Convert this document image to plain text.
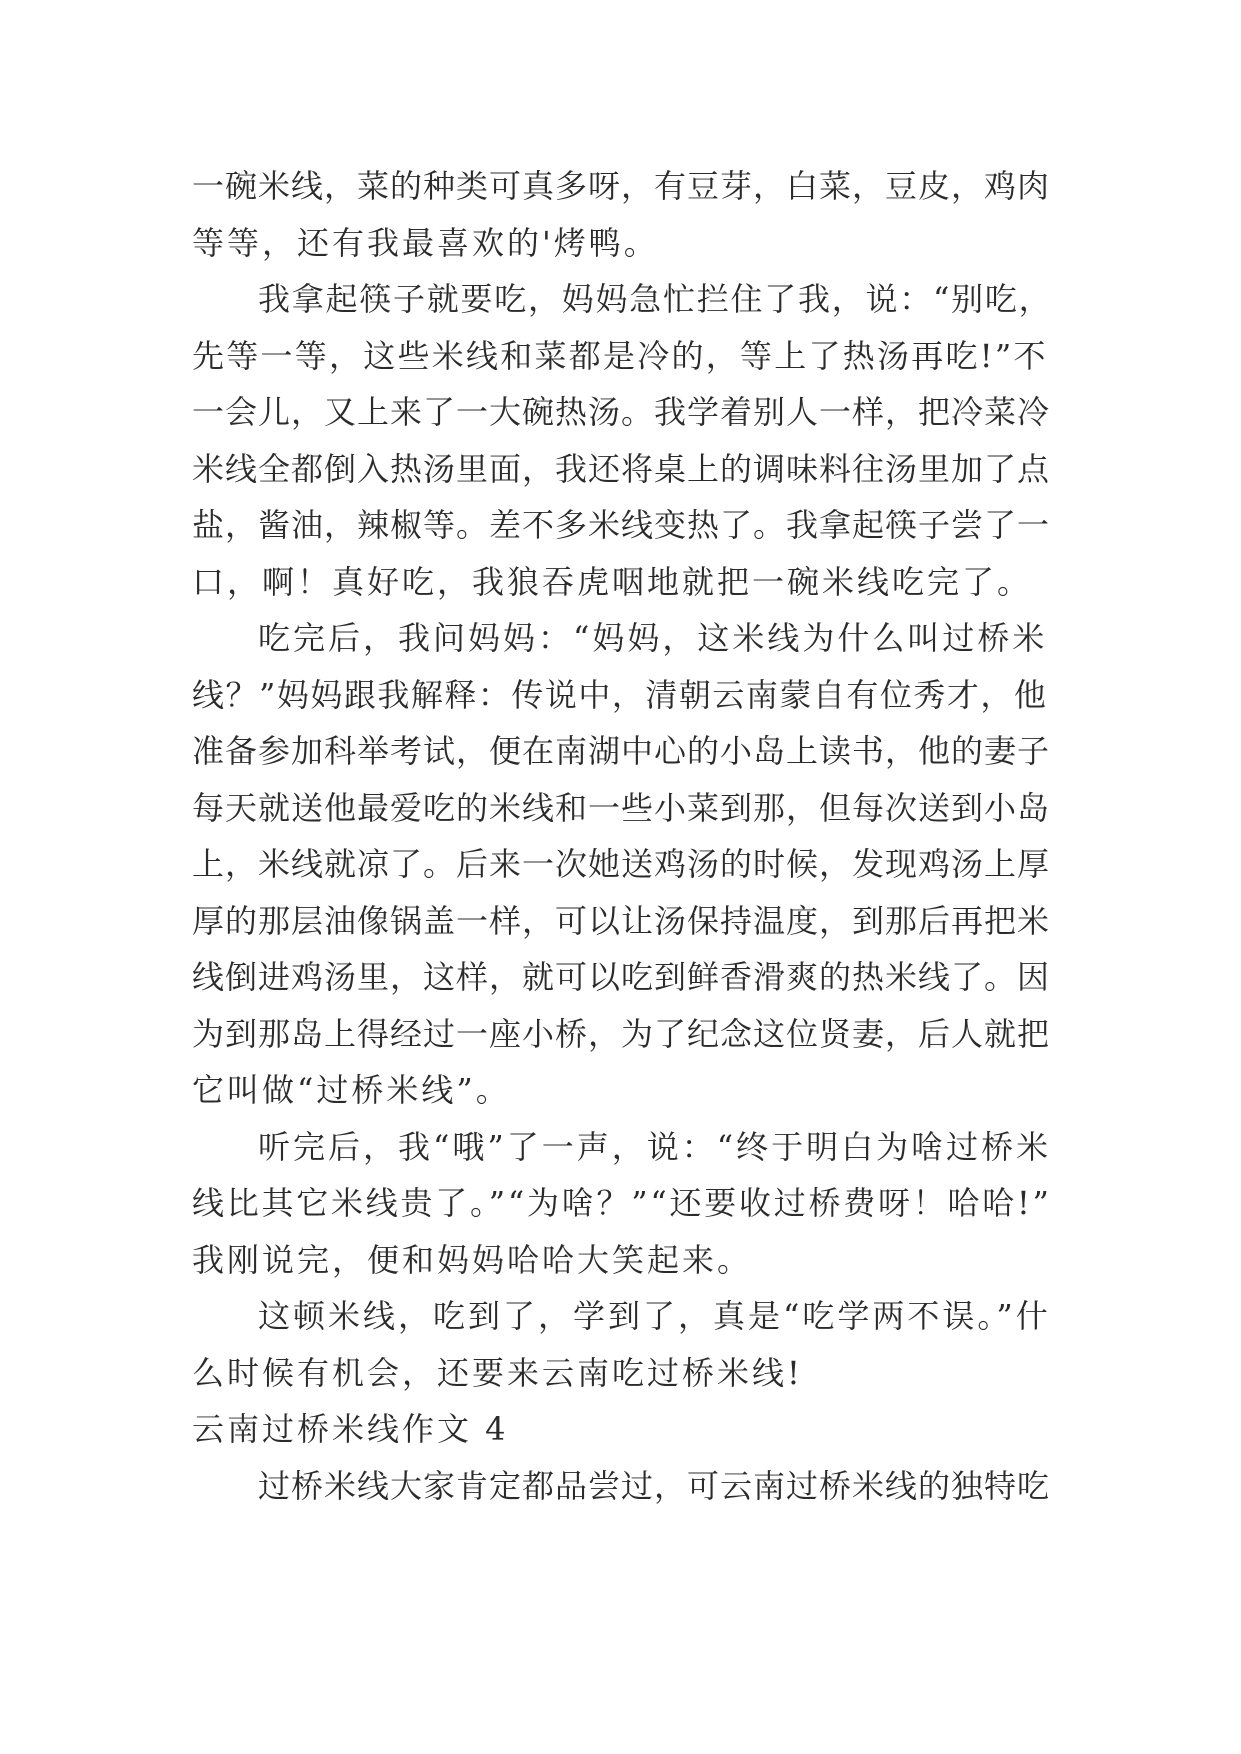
一碗米线，菜的种类可真多呀，有豆芽，白菜，豆皮，鸡肉
等等，还有我最喜欢的'烤鸭。
我拿起筷子就要吃，妈妈急忙拦住了我，说：“别吃，
先等一等，这些米线和菜都是冷的，等上了热汤再吃!”不
一会儿，又上来了一大碗热汤。我学着别人一样，把冷菜冷
米线全都倒入热汤里面，我还将桌上的调味料往汤里加了点
盐，酱油，辣椒等。差不多米线变热了。我拿起筷子尝了一
口，啊！真好吃，我狼吞虎咽地就把一碗米线吃完了。
吃完后，我问妈妈：“妈妈，这米线为什么叫过桥米
线？”妈妈跟我解释：传说中，清朝云南蒙自有位秀才，他
准备参加科举考试，便在南湖中心的小岛上读书，他的妻子
每天就送他最爱吃的米线和一些小菜到那，但每次送到小岛
上，米线就凉了。后来一次她送鸡汤的时候，发现鸡汤上厚
厚的那层油像锅盖一样，可以让汤保持温度，到那后再把米
线倒进鸡汤里，这样，就可以吃到鲜香滑爽的热米线了。因
为到那岛上得经过一座小桥，为了纪念这位贤妻，后人就把
它叫做“过桥米线”。
听完后，我“哦”了一声，说：“终于明白为啥过桥米
线比其它米线贵了。”“为啥？”“还要收过桥费呀！哈哈!”
我刚说完，便和妈妈哈哈大笑起来。
这顿米线，吃到了，学到了，真是“吃学两不误。”什
么时候有机会，还要来云南吃过桥米线!
云南过桥米线作文 4
过桥米线大家肯定都品尝过，可云南过桥米线的独特吃
